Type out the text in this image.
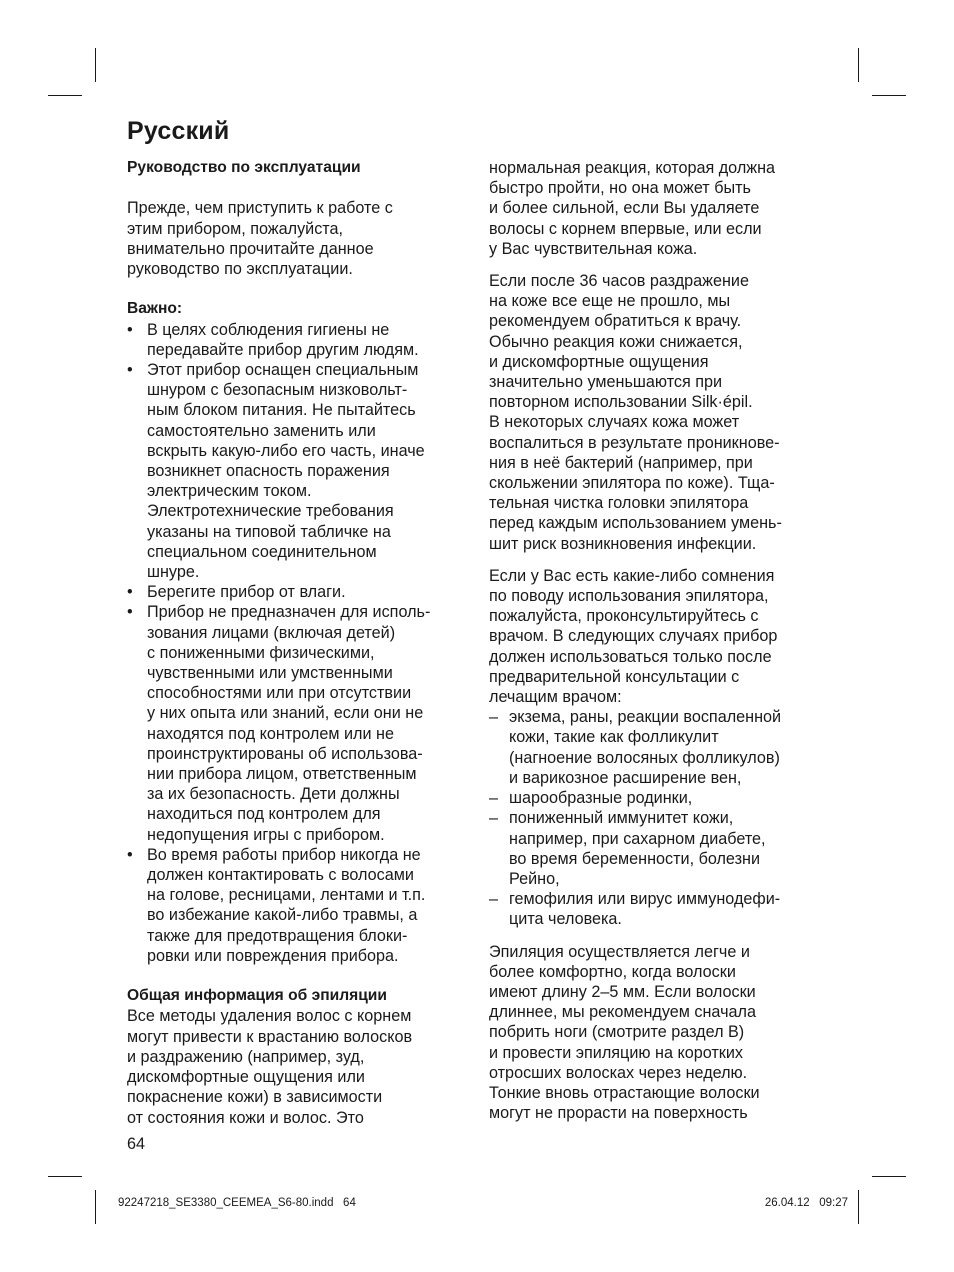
Русский

Руководство по эксплуатации

Прежде, чем приступить к работе с
этим прибором, пожалуйста,
внимательно прочитайте данное
руководство по эксплуатации.

Важно:

• В целях соблюдения гигиены не
передавайте прибор другим людям.
• Этот прибор оснащен специальным
шнуром с безопасным низковольт-
ным блоком питания. Не пытайтесь
самостоятельно заменить или
вскрыть какую-либо его часть, иначе
возникнет опасность поражения
электрическим током.
Электротехнические требования
указаны на типовой табличке на
специальном соединительном
шнуре.
• Берегите прибор от влаги.
• Прибор не предназначен для исполь-
зования лицами (включая детей)
с пониженными физическими,
чувственными или умственными
способностями или при отсутствии
у них опыта или знаний, если они не
находятся под контролем или не
проинструктированы об использова-
нии прибора лицом, ответственным
за их безопасность. Дети должны
находиться под контролем для
недопущения игры с прибором.
• Во время работы прибор никогда не
должен контактировать с волосами
на голове, ресницами, лентами и т.п.
во избежание какой-либо травмы, а
также для предотвращения блоки-
ровки или повреждения прибора.

Общая информация об эпиляции

Все методы удаления волос с корнем
могут привести к врастанию волосков
и раздражению (например, зуд,
дискомфортные ощущения или
покраснение кожи) в зависимости
от состояния кожи и волос. Это
нормальная реакция, которая должна
быстро пройти, но она может быть
и более сильной, если Вы удаляете
волосы с корнем впервые, или если
у Вас чувствительная кожа.
Если после 36 часов раздражение
на коже все еще не прошло, мы
рекомендуем обратиться к врачу.
Обычно реакция кожи снижается,
и дискомфортные ощущения
значительно уменьшаются при
повторном использовании Silk·épil.
В некоторых случаях кожа может
воспалиться в результате проникнове-
ния в неё бактерий (например, при
скольжении эпилятора по коже). Тща-
тельная чистка головки эпилятора
перед каждым использованием умень-
шит риск возникновения инфекции.
Если у Вас есть какие-либо сомнения
по поводу использования эпилятора,
пожалуйста, проконсультируйтесь с
врачом. В следующих случаях прибор
должен использоваться только после
предварительной консультации с
лечащим врачом:
– экзема, раны, реакции воспаленной
кожи, такие как фолликулит
(нагноение волосяных фолликулов)
и варикозное расширение вен,
– шарообразные родинки,
– пониженный иммунитет кожи,
например, при сахарном диабете,
во время беременности, болезни
Рейно,
– гемофилия или вирус иммунодефи-
цита человека.
Эпиляция осуществляется легче и
более комфортно, когда волоски
имеют длину 2–5 мм. Если волоски
длиннее, мы рекомендуем сначала
побрить ноги (смотрите раздел B)
и провести эпиляцию на коротких
отросших волосках через неделю.
Тонкие вновь отрастающие волоски
могут не прорасти на поверхность
64
92247218_SE3380_CEEMEA_S6-80.indd   64	26.04.12   09:27
